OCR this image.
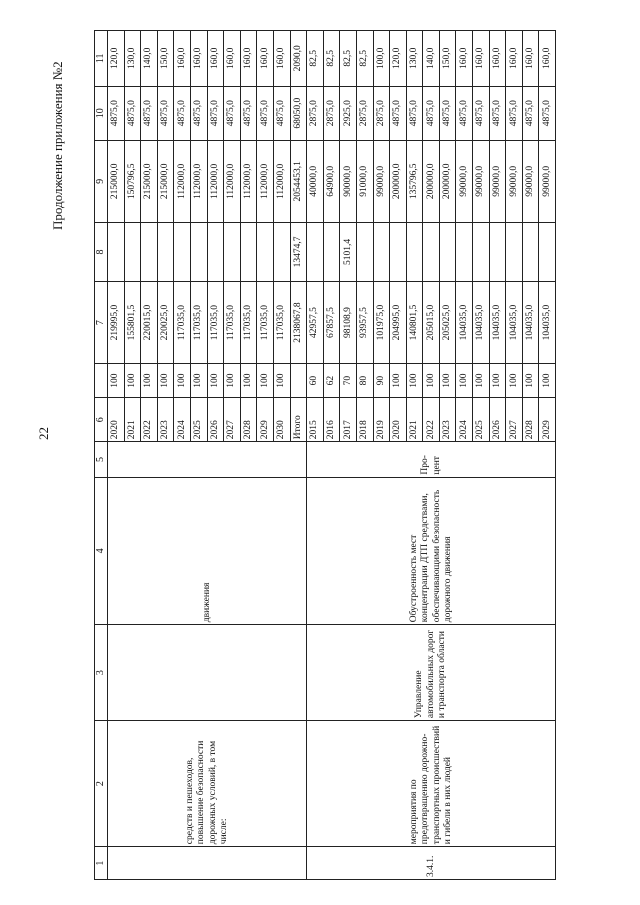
22
Продолжение приложения №2
1	2	3	4	5	6		7	8	9	10	11
	средств и пешеходов, повышение безопасности дорожных условий, в том числе:		движения		2020	100	219995,0		215000,0	4875,0	120,0
					2021	100	155801,5		150796,5	4875,0	130,0
					2022	100	220015,0		215000,0	4875,0	140,0
					2023	100	220025,0		215000,0	4875,0	150,0
					2024	100	117035,0		112000,0	4875,0	160,0
					2025	100	117035,0		112000,0	4875,0	160,0
					2026	100	117035,0		112000,0	4875,0	160,0
					2027	100	117035,0		112000,0	4875,0	160,0
					2028	100	117035,0		112000,0	4875,0	160,0
					2029	100	117035,0		112000,0	4875,0	160,0
					2030	100	117035,0		112000,0	4875,0	160,0
					Итого		2138067,8	13474,7	2054453,1	68050,0	2090,0
3.4.1.	мероприятия по предотвращению дорожно-транспортных происшествий и гибели в них людей	Управление автомобильных дорог и транспорта области	Обустроенность мест концентрации ДТП средствами, обеспечивающими безопасность дорожного движения	Про-цент	2015	60	42957,5		40000,0	2875,0	82,5
					2016	62	67857,5		64900,0	2875,0	82,5
					2017	70	98108,9	5101,4	90000,0	2925,0	82,5
					2018	80	93957,5		91000,0	2875,0	82,5
					2019	90	101975,0		99000,0	2875,0	100,0
					2020	100	204995,0		200000,0	4875,0	120,0
					2021	100	140801,5		135796,5	4875,0	130,0
					2022	100	205015,0		200000,0	4875,0	140,0
					2023	100	205025,0		200000,0	4875,0	150,0
					2024	100	104035,0		99000,0	4875,0	160,0
					2025	100	104035,0		99000,0	4875,0	160,0
					2026	100	104035,0		99000,0	4875,0	160,0
					2027	100	104035,0		99000,0	4875,0	160,0
					2028	100	104035,0		99000,0	4875,0	160,0
					2029	100	104035,0		99000,0	4875,0	160,0
